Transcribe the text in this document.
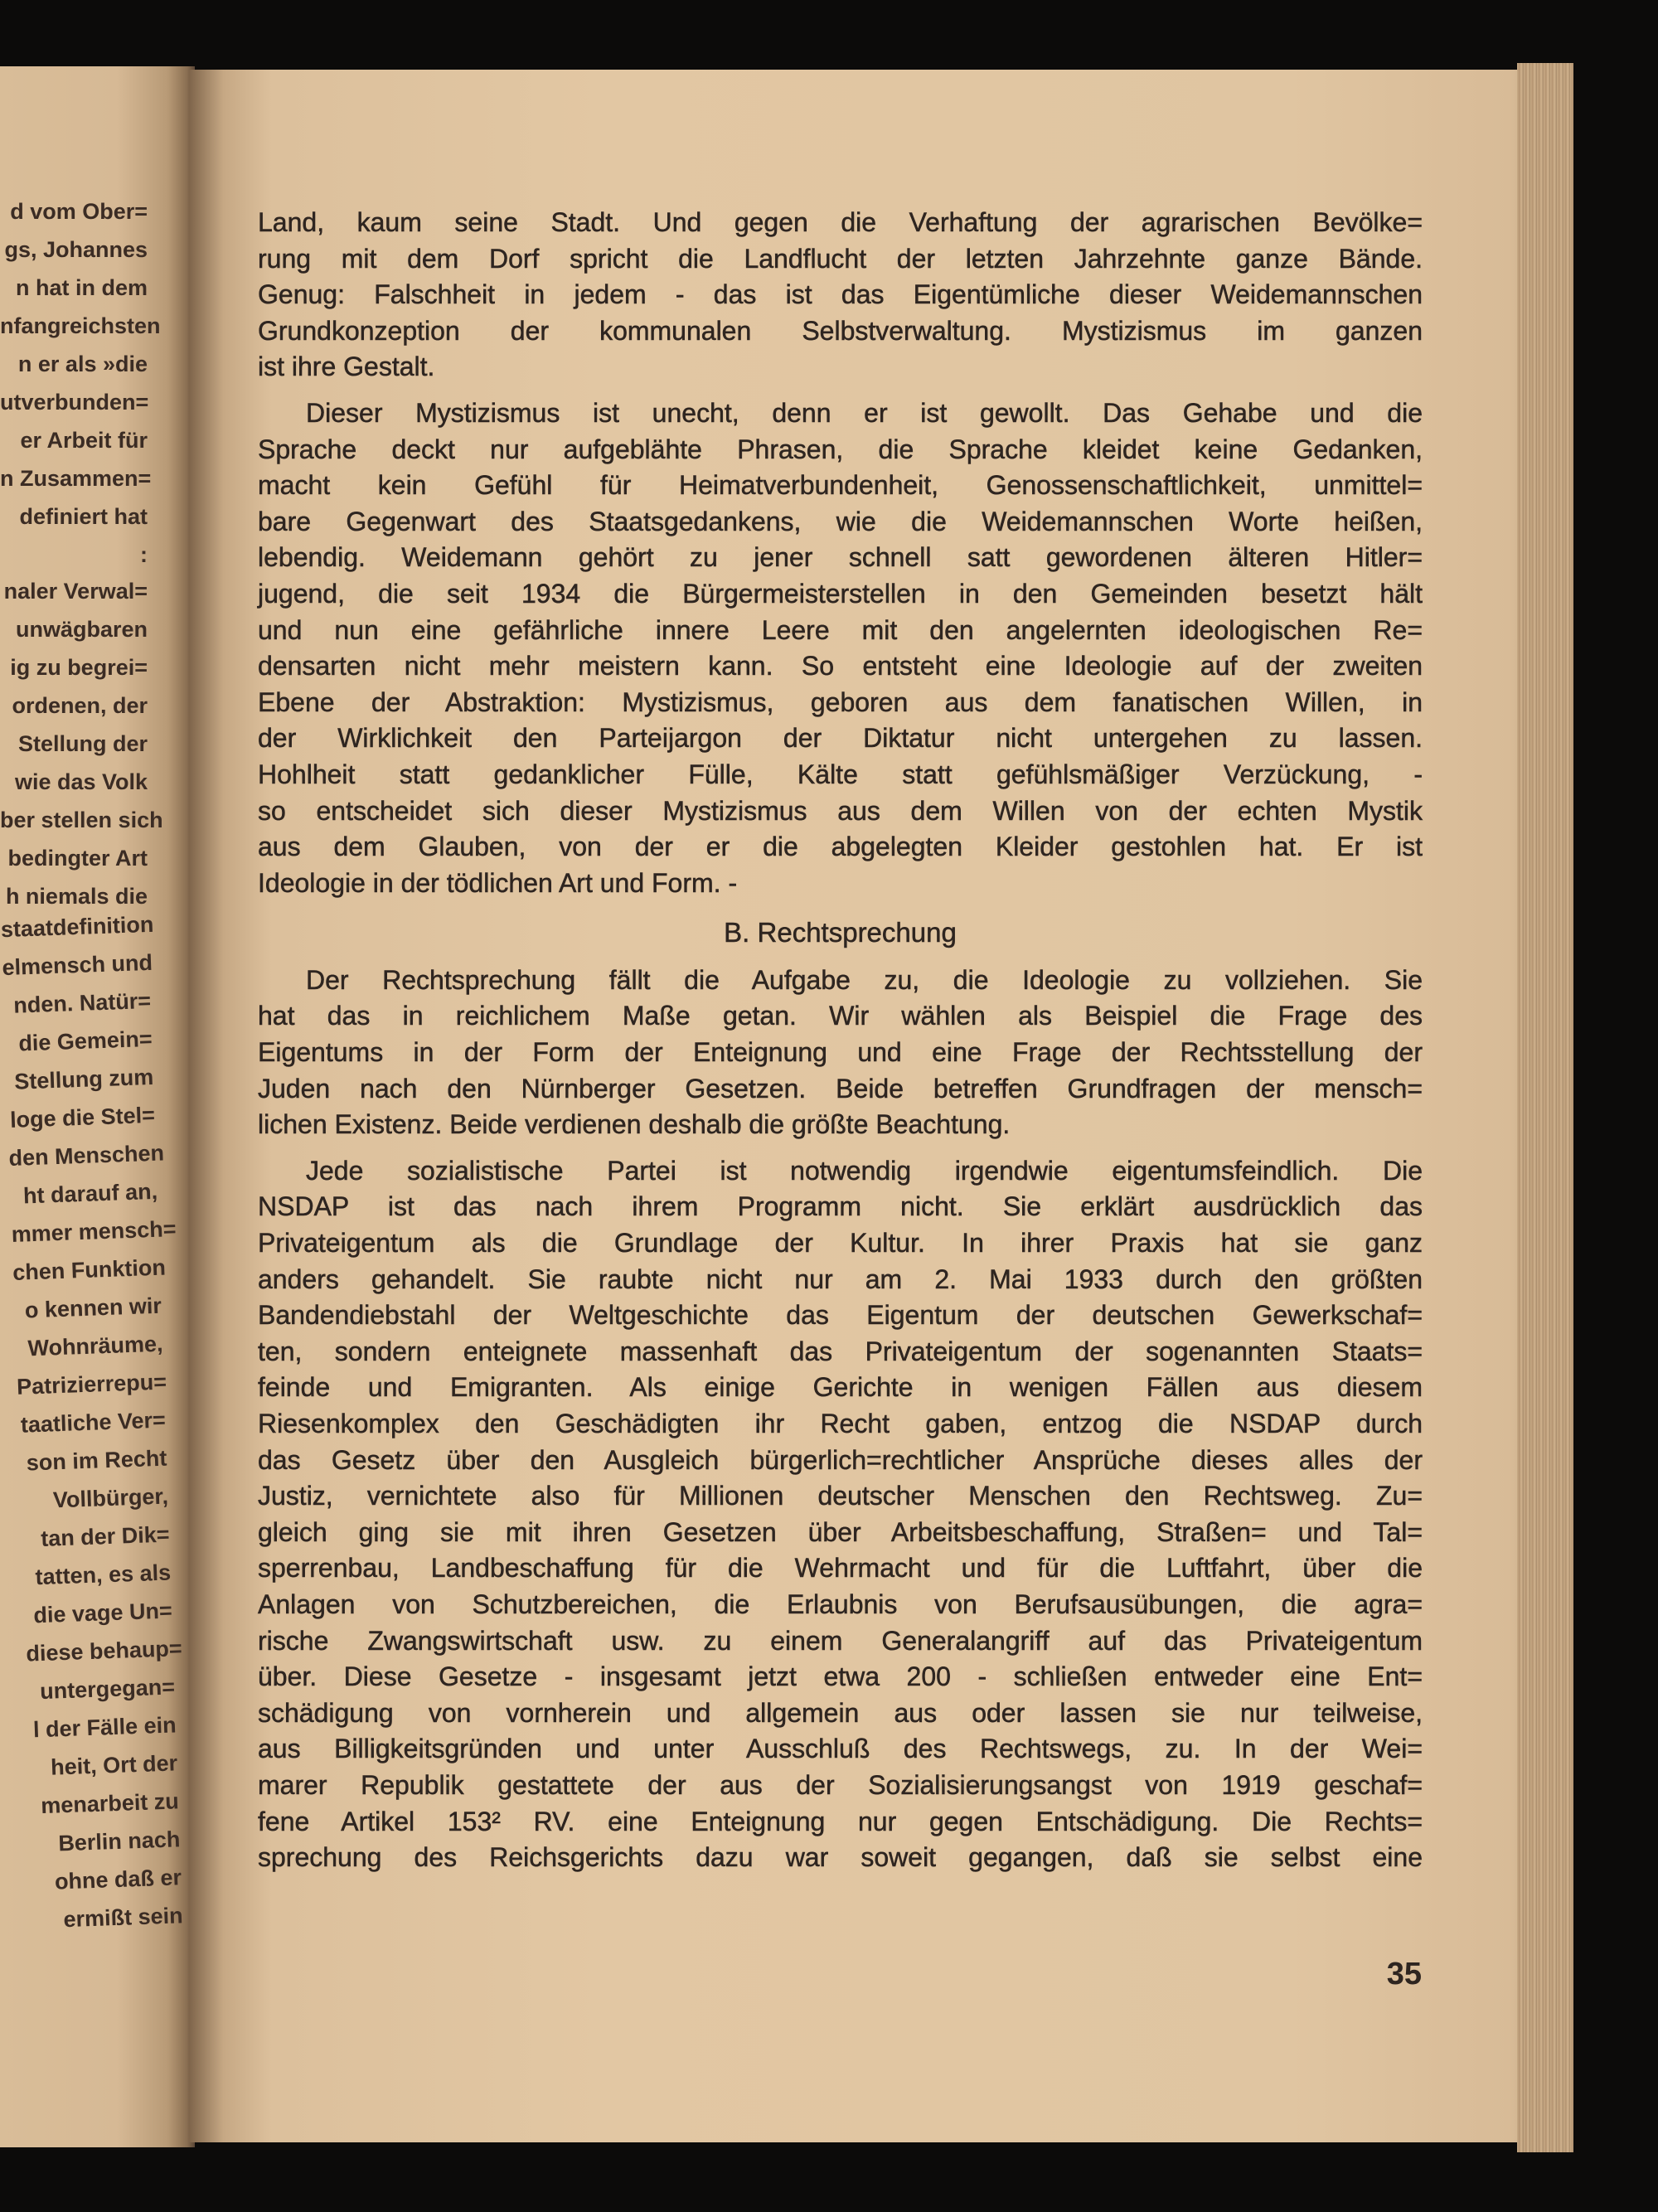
d vom Ober=
gs, Johannes
n hat in dem
nfangreichsten
n er als »die
utverbunden=
er Arbeit für
n Zusammen=
definiert hat
:
naler Verwal=
unwägbaren
ig zu begrei=
ordenen, der
Stellung der
wie das Volk
ber stellen sich
bedingter Art
h niemals die
staatdefinition
elmensch und
nden. Natür=
die Gemein=
Stellung zum
loge die Stel=
den Menschen
ht darauf an,
mmer mensch=
chen Funktion
o kennen wir
Wohnräume,
Patrizierrepu=
taatliche Ver=
son im Recht
Vollbürger,
tan der Dik=
tatten, es als
die vage Un=
diese behaup=
untergegan=
l der Fälle ein
heit, Ort der
menarbeit zu
Berlin nach
ohne daß er
ermißt sein
Land, kaum seine Stadt. Und gegen die Verhaftung der agrarischen Bevölke=
rung mit dem Dorf spricht die Landflucht der letzten Jahrzehnte ganze Bände.
Genug: Falschheit in jedem - das ist das Eigentümliche dieser Weidemannschen
Grundkonzeption der kommunalen Selbstverwaltung. Mystizismus im ganzen
ist ihre Gestalt.
Dieser Mystizismus ist unecht, denn er ist gewollt. Das Gehabe und die
Sprache deckt nur aufgeblähte Phrasen, die Sprache kleidet keine Gedanken,
macht kein Gefühl für Heimatverbundenheit, Genossenschaftlichkeit, unmittel=
bare Gegenwart des Staatsgedankens, wie die Weidemannschen Worte heißen,
lebendig. Weidemann gehört zu jener schnell satt gewordenen älteren Hitler=
jugend, die seit 1934 die Bürgermeisterstellen in den Gemeinden besetzt hält
und nun eine gefährliche innere Leere mit den angelernten ideologischen Re=
densarten nicht mehr meistern kann. So entsteht eine Ideologie auf der zweiten
Ebene der Abstraktion: Mystizismus, geboren aus dem fanatischen Willen, in
der Wirklichkeit den Parteijargon der Diktatur nicht untergehen zu lassen.
Hohlheit statt gedanklicher Fülle, Kälte statt gefühlsmäßiger Verzückung, -
so entscheidet sich dieser Mystizismus aus dem Willen von der echten Mystik
aus dem Glauben, von der er die abgelegten Kleider gestohlen hat. Er ist
Ideologie in der tödlichen Art und Form. -
B. Rechtsprechung
Der Rechtsprechung fällt die Aufgabe zu, die Ideologie zu vollziehen. Sie
hat das in reichlichem Maße getan. Wir wählen als Beispiel die Frage des
Eigentums in der Form der Enteignung und eine Frage der Rechtsstellung der
Juden nach den Nürnberger Gesetzen. Beide betreffen Grundfragen der mensch=
lichen Existenz. Beide verdienen deshalb die größte Beachtung.
Jede sozialistische Partei ist notwendig irgendwie eigentumsfeindlich. Die
NSDAP ist das nach ihrem Programm nicht. Sie erklärt ausdrücklich das
Privateigentum als die Grundlage der Kultur. In ihrer Praxis hat sie ganz
anders gehandelt. Sie raubte nicht nur am 2. Mai 1933 durch den größten
Bandendiebstahl der Weltgeschichte das Eigentum der deutschen Gewerkschaf=
ten, sondern enteignete massenhaft das Privateigentum der sogenannten Staats=
feinde und Emigranten. Als einige Gerichte in wenigen Fällen aus diesem
Riesenkomplex den Geschädigten ihr Recht gaben, entzog die NSDAP durch
das Gesetz über den Ausgleich bürgerlich=rechtlicher Ansprüche dieses alles der
Justiz, vernichtete also für Millionen deutscher Menschen den Rechtsweg. Zu=
gleich ging sie mit ihren Gesetzen über Arbeitsbeschaffung, Straßen= und Tal=
sperrenbau, Landbeschaffung für die Wehrmacht und für die Luftfahrt, über die
Anlagen von Schutzbereichen, die Erlaubnis von Berufsausübungen, die agra=
rische Zwangswirtschaft usw. zu einem Generalangriff auf das Privateigentum
über. Diese Gesetze - insgesamt jetzt etwa 200 - schließen entweder eine Ent=
schädigung von vornherein und allgemein aus oder lassen sie nur teilweise,
aus Billigkeitsgründen und unter Ausschluß des Rechtswegs, zu. In der Wei=
marer Republik gestattete der aus der Sozialisierungsangst von 1919 geschaf=
fene Artikel 153² RV. eine Enteignung nur gegen Entschädigung. Die Rechts=
sprechung des Reichsgerichts dazu war soweit gegangen, daß sie selbst eine
35
